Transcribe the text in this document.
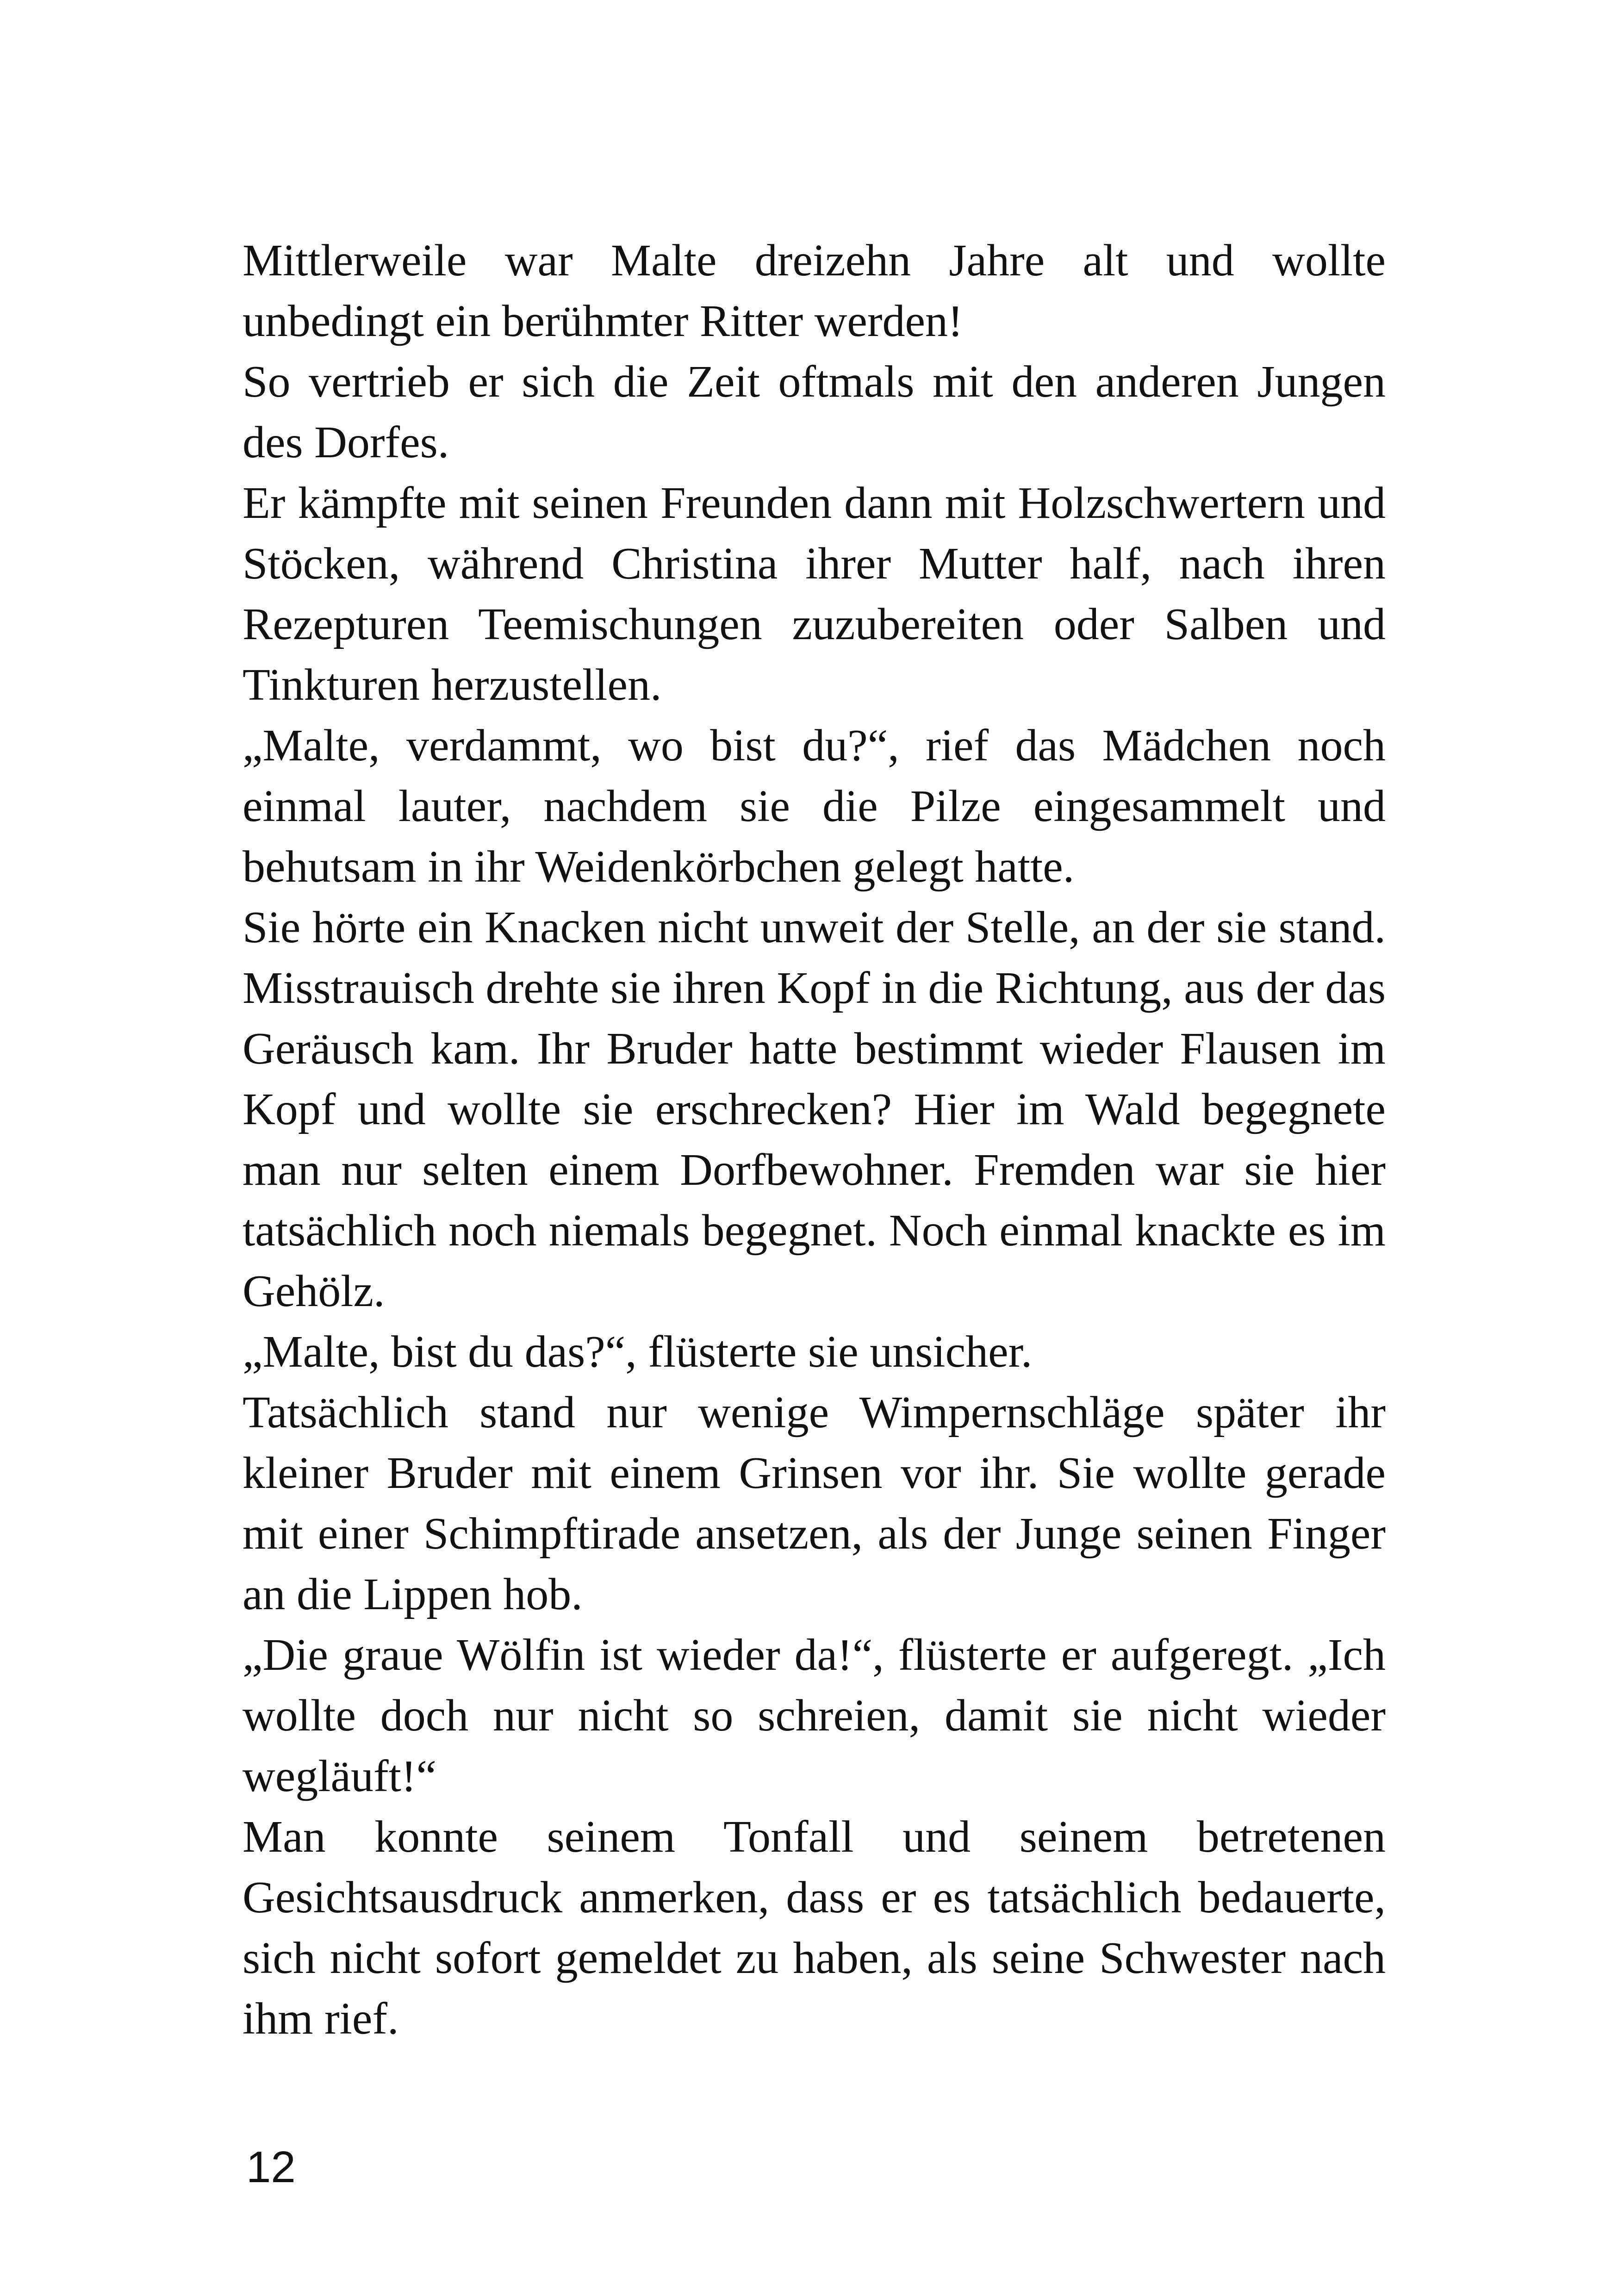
Mittlerweile war Malte dreizehn Jahre alt und wollte unbedingt ein berühmter Ritter werden!

So vertrieb er sich die Zeit oftmals mit den anderen Jungen des Dorfes.

Er kämpfte mit seinen Freunden dann mit Holzschwertern und Stöcken, während Christina ihrer Mutter half, nach ihren Rezepturen Teemischungen zuzubereiten oder Salben und Tinkturen herzustellen.

„Malte, verdammt, wo bist du?“, rief das Mädchen noch einmal lauter, nachdem sie die Pilze eingesammelt und behutsam in ihr Weidenkörbchen gelegt hatte.

Sie hörte ein Knacken nicht unweit der Stelle, an der sie stand. Misstrauisch drehte sie ihren Kopf in die Richtung, aus der das Geräusch kam. Ihr Bruder hatte bestimmt wieder Flausen im Kopf und wollte sie erschrecken? Hier im Wald begegnete man nur selten einem Dorfbewohner. Fremden war sie hier tatsächlich noch niemals begegnet. Noch einmal knackte es im Gehölz.

„Malte, bist du das?“, flüsterte sie unsicher.

Tatsächlich stand nur wenige Wimpernschläge später ihr kleiner Bruder mit einem Grinsen vor ihr. Sie wollte gerade mit einer Schimpftirade ansetzen, als der Junge seinen Finger an die Lippen hob.

„Die graue Wölfin ist wieder da!“, flüsterte er aufgeregt. „Ich wollte doch nur nicht so schreien, damit sie nicht wieder wegläuft!“

Man konnte seinem Tonfall und seinem betretenen Gesichtsausdruck anmerken, dass er es tatsächlich bedauerte, sich nicht sofort gemeldet zu haben, als seine Schwester nach ihm rief.

12
